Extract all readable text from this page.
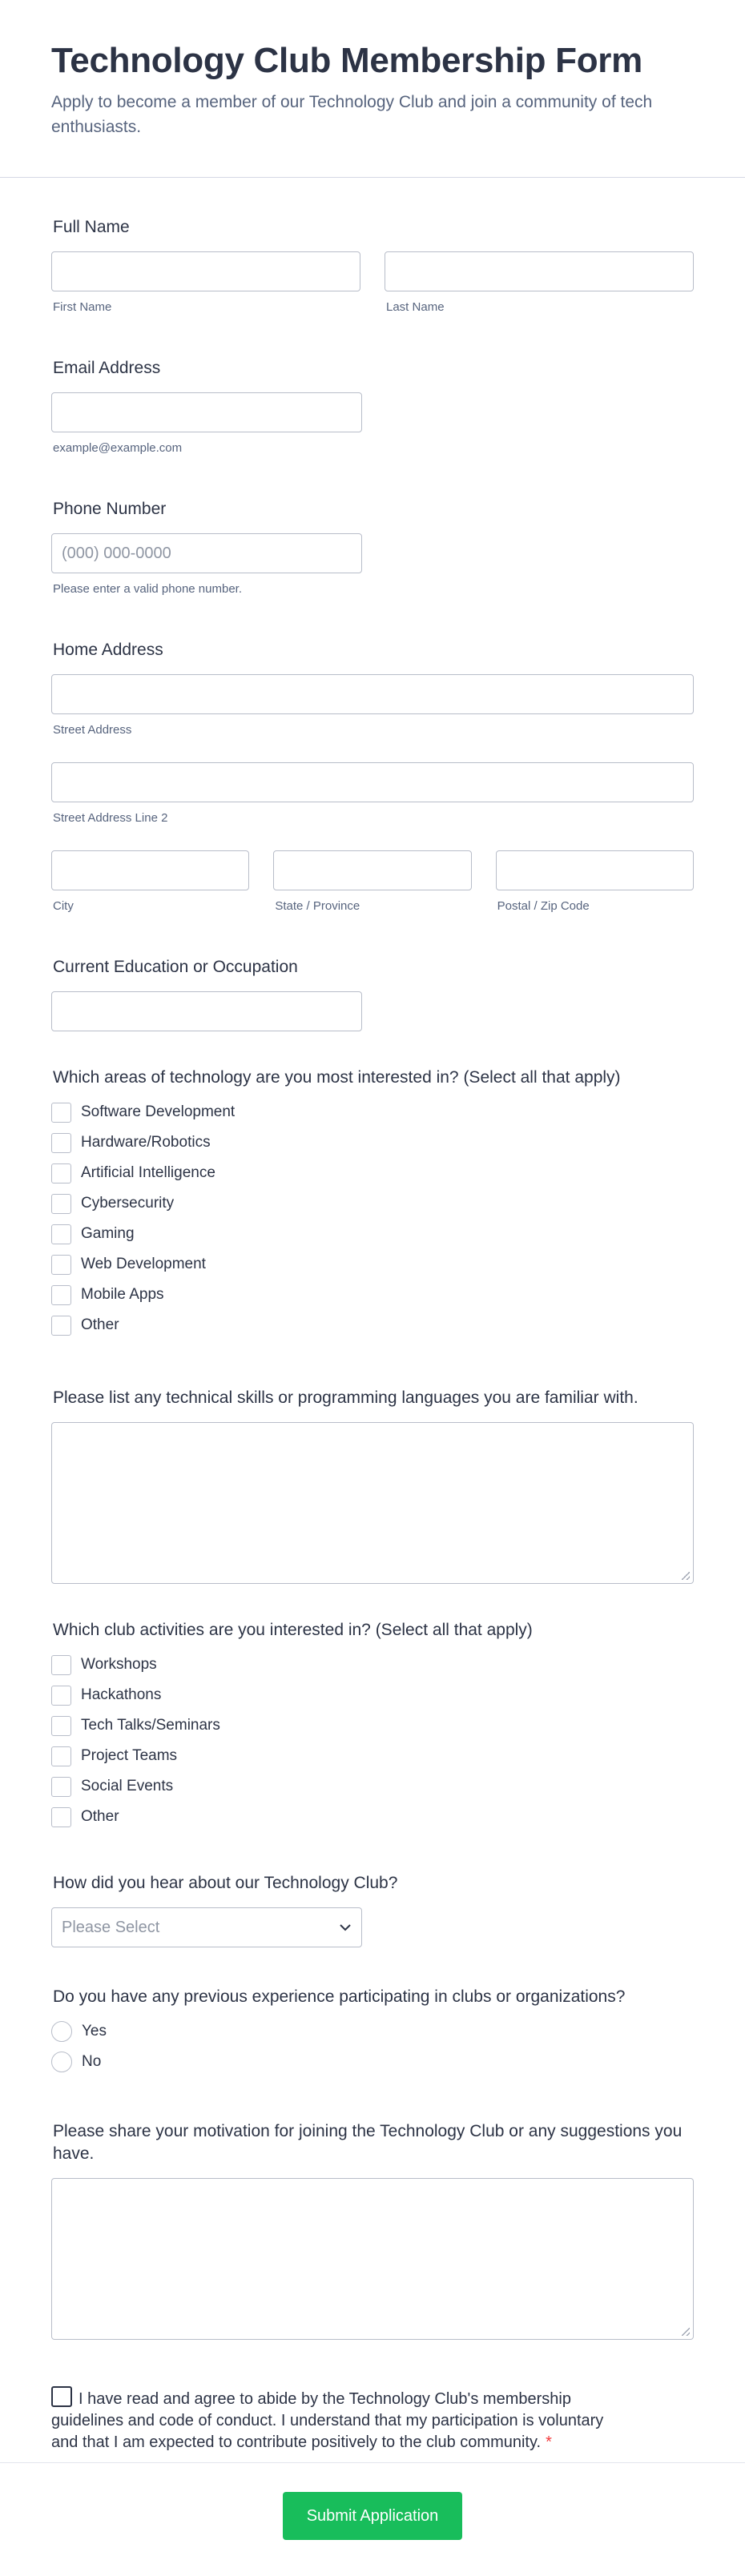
Technology Club Membership Form

Apply to become a member of our Technology Club and join a community of tech enthusiasts.

Full Name
First Name	Last Name
Email Address
example@example.com
Phone Number
(000) 000-0000
Please enter a valid phone number.
Home Address
Street Address
Street Address Line 2
City	State / Province	Postal / Zip Code
Current Education or Occupation
Which areas of technology are you most interested in? (Select all that apply)
Software Development
Hardware/Robotics
Artificial Intelligence
Cybersecurity
Gaming
Web Development
Mobile Apps
Other
Please list any technical skills or programming languages you are familiar with.
Which club activities are you interested in? (Select all that apply)
Workshops
Hackathons
Tech Talks/Seminars
Project Teams
Social Events
Other
How did you hear about our Technology Club?
Please Select
Do you have any previous experience participating in clubs or organizations?
Yes
No
Please share your motivation for joining the Technology Club or any suggestions you have.
I have read and agree to abide by the Technology Club's membership guidelines and code of conduct. I understand that my participation is voluntary and that I am expected to contribute positively to the club community. *
Submit Application
